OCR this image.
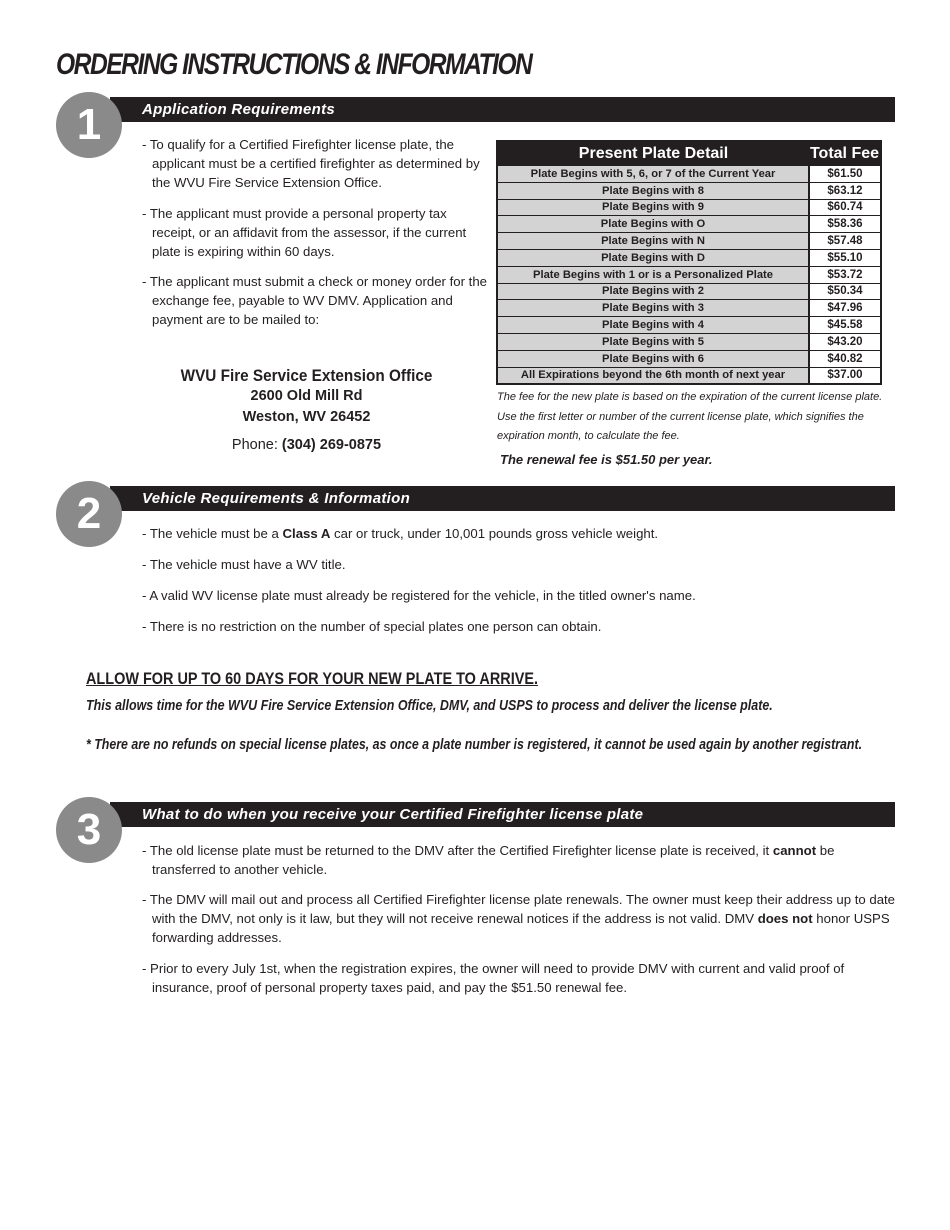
ORDERING INSTRUCTIONS & INFORMATION
1	Application Requirements
- To qualify for a Certified Firefighter license plate, the applicant must be a certified firefighter as determined by the WVU Fire Service Extension Office.
- The applicant must provide a personal property tax receipt, or an affidavit from the assessor, if the current plate is expiring within 60 days.
- The applicant must submit a check or money order for the exchange fee, payable to WV DMV. Application and payment are to be mailed to:
WVU Fire Service Extension Office
2600 Old Mill Rd
Weston, WV 26452
Phone: (304) 269-0875
Present Plate Detail	Total Fee
Plate Begins with 5, 6, or 7 of the Current Year	$61.50
Plate Begins with 8	$63.12
Plate Begins with 9	$60.74
Plate Begins with O	$58.36
Plate Begins with N	$57.48
Plate Begins with D	$55.10
Plate Begins with 1 or is a Personalized Plate	$53.72
Plate Begins with 2	$50.34
Plate Begins with 3	$47.96
Plate Begins with 4	$45.58
Plate Begins with 5	$43.20
Plate Begins with 6	$40.82
All Expirations beyond the 6th month of next year	$37.00
The fee for the new plate is based on the expiration of the current license plate. Use the first letter or number of the current license plate, which signifies the expiration month, to calculate the fee.
The renewal fee is $51.50 per year.
2	Vehicle Requirements & Information
- The vehicle must be a Class A car or truck, under 10,001 pounds gross vehicle weight.
- The vehicle must have a WV title.
- A valid WV license plate must already be registered for the vehicle, in the titled owner's name.
- There is no restriction on the number of special plates one person can obtain.
ALLOW FOR UP TO 60 DAYS FOR YOUR NEW PLATE TO ARRIVE.
This allows time for the WVU Fire Service Extension Office, DMV, and USPS to process and deliver the license plate.
* There are no refunds on special license plates, as once a plate number is registered, it cannot be used again by another registrant.
3	What to do when you receive your Certified Firefighter license plate
- The old license plate must be returned to the DMV after the Certified Firefighter license plate is received, it cannot be transferred to another vehicle.
- The DMV will mail out and process all Certified Firefighter license plate renewals. The owner must keep their address up to date with the DMV, not only is it law, but they will not receive renewal notices if the address is not valid. DMV does not honor USPS forwarding addresses.
- Prior to every July 1st, when the registration expires, the owner will need to provide DMV with current and valid proof of insurance, proof of personal property taxes paid, and pay the $51.50 renewal fee.
